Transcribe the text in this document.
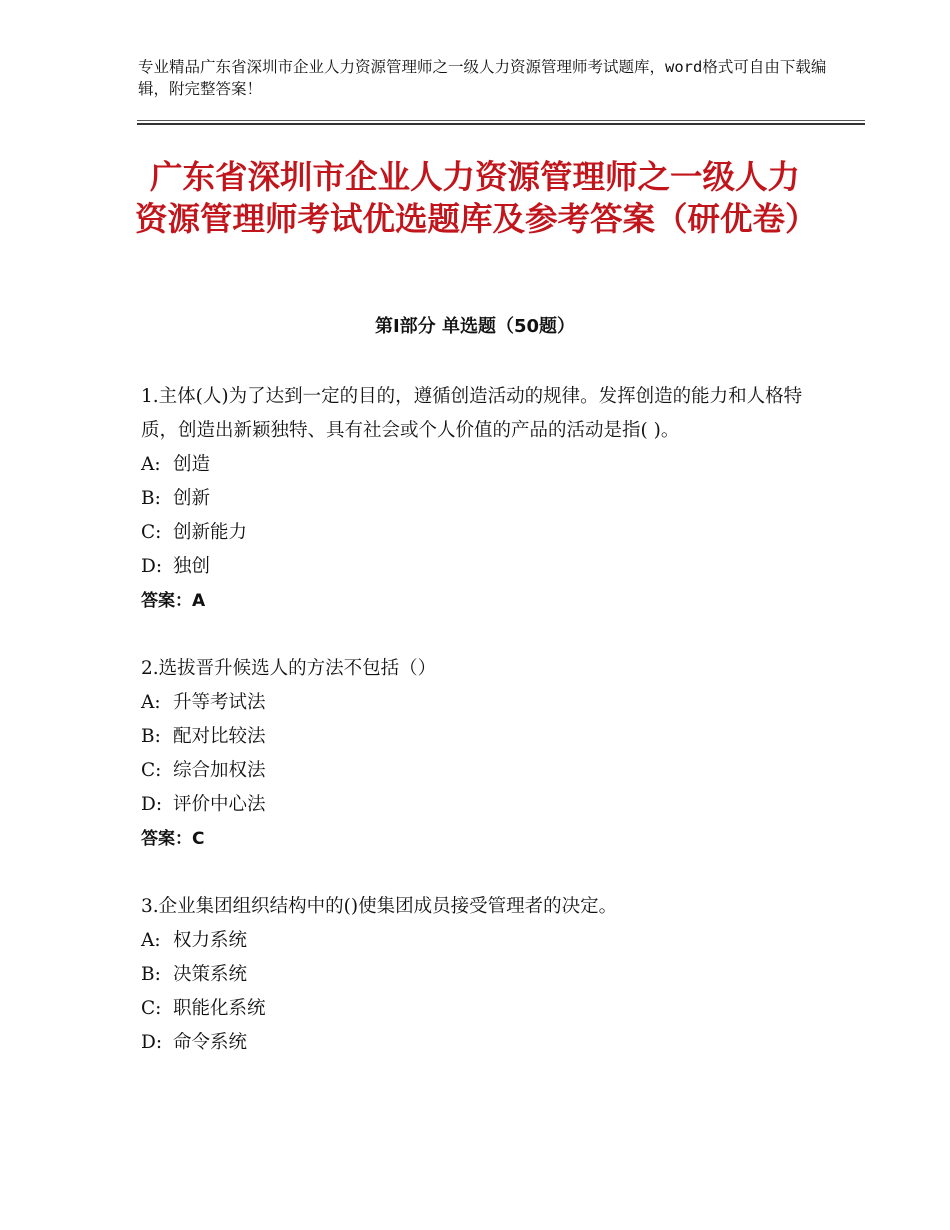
专业精品广东省深圳市企业人力资源管理师之一级人力资源管理师考试题库，word格式可自由下载编辑，附完整答案！
广东省深圳市企业人力资源管理师之一级人力资源管理师考试优选题库及参考答案（研优卷）
第Ⅰ部分 单选题（50题）
1.主体(人)为了达到一定的目的，遵循创造活动的规律。发挥创造的能力和人格特质，创造出新颖独特、具有社会或个人价值的产品的活动是指( )。
A: 创造
B: 创新
C: 创新能力
D: 独创
答案：A
2.选拔晋升候选人的方法不包括（）
A: 升等考试法
B: 配对比较法
C: 综合加权法
D: 评价中心法
答案：C
3.企业集团组织结构中的()使集团成员接受管理者的决定。
A: 权力系统
B: 决策系统
C: 职能化系统
D: 命令系统
